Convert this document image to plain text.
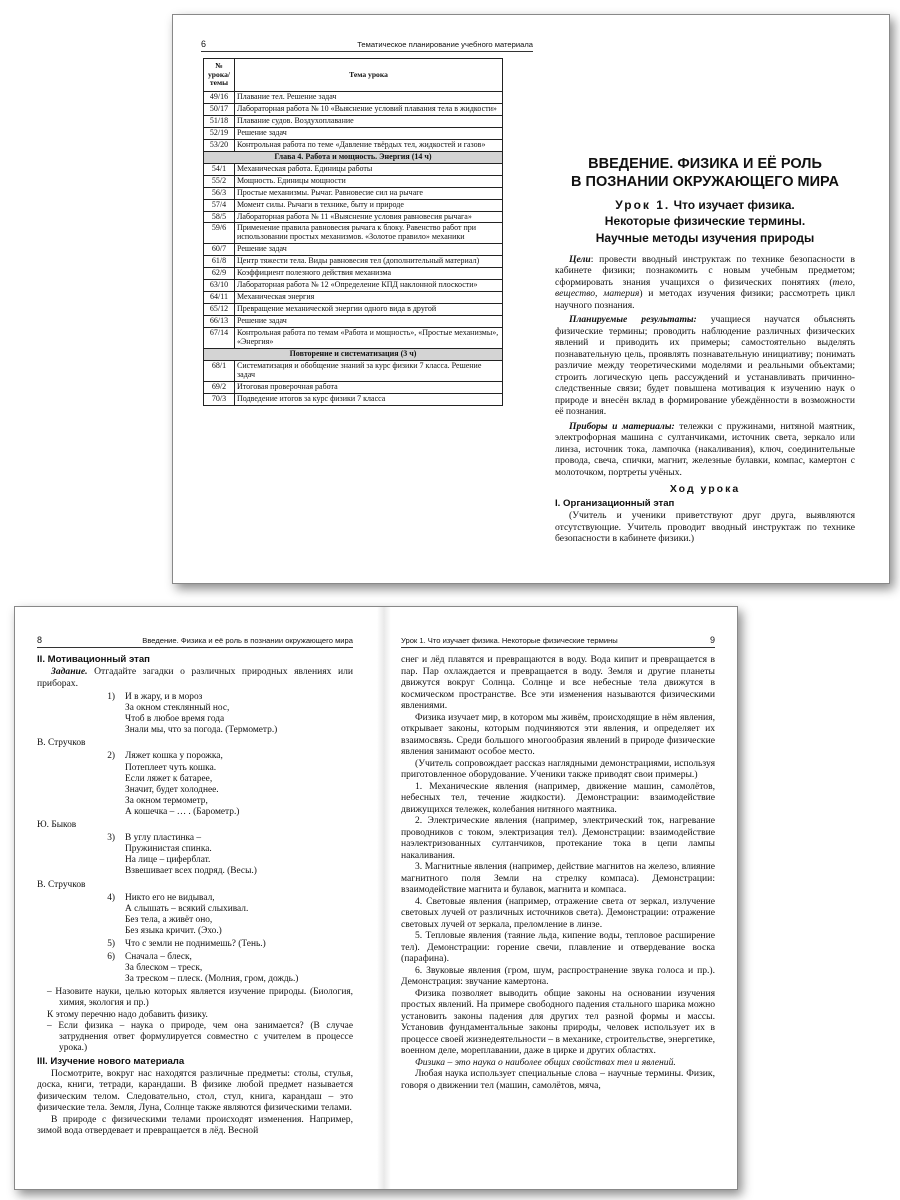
6	Тематическое планирование учебного материала
№ урока/ темы	Тема урока
49/16	Плавание тел. Решение задач
50/17	Лабораторная работа № 10 «Выяснение условий плавания тела в жидкости»
51/18	Плавание судов. Воздухоплавание
52/19	Решение задач
53/20	Контрольная работа по теме «Давление твёрдых тел, жидкостей и газов»
Глава 4. Работа и мощность. Энергия (14 ч)	
54/1	Механическая работа. Единицы работы
55/2	Мощность. Единицы мощности
56/3	Простые механизмы. Рычаг. Равновесие сил на рычаге
57/4	Момент силы. Рычаги в технике, быту и природе
58/5	Лабораторная работа № 11 «Выяснение условия равновесия рычага»
59/6	Применение правила равновесия рычага к блоку. Равенство работ при использовании простых механизмов. «Золотое правило» механики
60/7	Решение задач
61/8	Центр тяжести тела. Виды равновесия тел (дополнительный материал)
62/9	Коэффициент полезного действия механизма
63/10	Лабораторная работа № 12 «Определение КПД наклонной плоскости»
64/11	Механическая энергия
65/12	Превращение механической энергии одного вида в другой
66/13	Решение задач
67/14	Контрольная работа по темам «Работа и мощность», «Простые механизмы», «Энергия»
Повторение и систематизация (3 ч)	
68/1	Систематизация и обобщение знаний за курс физики 7 класса. Решение задач
69/2	Итоговая проверочная работа
70/3	Подведение итогов за курс физики 7 класса
ВВЕДЕНИЕ. ФИЗИКА И ЕЁ РОЛЬ
В ПОЗНАНИИ ОКРУЖАЮЩЕГО МИРА
Урок 1. Что изучает физика.
Некоторые физические термины.
Научные методы изучения природы

Цели: провести вводный инструктаж по технике безопасности в кабинете физики; познакомить с новым учебным предметом; сформировать знания учащихся о физических понятиях (тело, вещество, материя) и методах изучения физики; рассмотреть цикл научного познания.

Планируемые результаты: учащиеся научатся объяснять физические термины; проводить наблюдение различных физических явлений и приводить их примеры; самостоятельно выделять познавательную цель, проявлять познавательную инициативу; понимать различие между теоретическими моделями и реальными объектами; строить логическую цепь рассуждений и устанавливать причинно-следственные связи; будет повышена мотивация к изучению наук о природе и внесён вклад в формирование убеждённости в возможности её познания.

Приборы и материалы: тележки с пружинами, нитяной маятник, электрофорная машина с султанчиками, источник света, зеркало или линза, источник тока, лампочка (накаливания), ключ, соединительные провода, свеча, спички, магнит, железные булавки, компас, камертон с молоточком, портреты учёных.

Ход урока
I. Организационный этап

(Учитель и ученики приветствуют друг друга, выявляются отсутствующие. Учитель проводит вводный инструктаж по технике безопасности в кабинете физики.)

8	Введение. Физика и её роль в познании окружающего мира
II. Мотивационный этап

Задание. Отгадайте загадки о различных природных явлениях или приборах.

1)	И в жару, и в мороз
За окном стеклянный нос,
Чтоб в любое время года
Знали мы, что за погода. (Термометр.)
В. Стручков
2)	Ляжет кошка у порожка,
Потеплеет чуть кошка.
Если ляжет к батарее,
Значит, будет холоднее.
За окном термометр,
А кошечка – … . (Барометр.)
Ю. Быков
3)	В углу пластинка –
Пружинистая спинка.
На лице – циферблат.
Взвешивает всех подряд. (Весы.)
В. Стручков
4)	Никто его не видывал,
А слышать – всякий слыхивал.
Без тела, а живёт оно,
Без языка кричит. (Эхо.)
5)	Что с земли не поднимешь? (Тень.)
6)	Сначала – блеск,
За блеском – треск,
За треском – плеск. (Молния, гром, дождь.)

– Назовите науки, целью которых является изучение природы. (Биология, химия, экология и пр.)

К этому перечню надо добавить физику.

– Если физика – наука о природе, чем она занимается? (В случае затруднения ответ формулируется совместно с учителем в процессе урока.)

III. Изучение нового материала

Посмотрите, вокруг нас находятся различные предметы: столы, стулья, доска, книги, тетради, карандаши. В физике любой предмет называется физическим телом. Следовательно, стол, стул, книга, карандаш – это физические тела. Земля, Луна, Солнце также являются физическими телами.

В природе с физическими телами происходят изменения. Например, зимой вода отвердевает и превращается в лёд. Весной

Урок 1. Что изучает физика. Некоторые физические термины	9

снег и лёд плавятся и превращаются в воду. Вода кипит и превращается в пар. Пар охлаждается и превращается в воду. Земля и другие планеты движутся вокруг Солнца. Солнце и все небесные тела движутся в космическом пространстве. Все эти изменения называются физическими явлениями.

Физика изучает мир, в котором мы живём, происходящие в нём явления, открывает законы, которым подчиняются эти явления, и определяет их взаимосвязь. Среди большого многообразия явлений в природе физические явления занимают особое место.

(Учитель сопровождает рассказ наглядными демонстрациями, используя приготовленное оборудование. Ученики также приводят свои примеры.)

1. Механические явления (например, движение машин, самолётов, небесных тел, течение жидкости). Демонстрации: взаимодействие движущихся тележек, колебания нитяного маятника.

2. Электрические явления (например, электрический ток, нагревание проводников с током, электризация тел). Демонстрации: взаимодействие наэлектризованных султанчиков, протекание тока в цепи лампы накаливания.

3. Магнитные явления (например, действие магнитов на железо, влияние магнитного поля Земли на стрелку компаса). Демонстрации: взаимодействие магнита и булавок, магнита и компаса.

4. Световые явления (например, отражение света от зеркал, излучение световых лучей от различных источников света). Демонстрации: отражение световых лучей от зеркала, преломление в линзе.

5. Тепловые явления (таяние льда, кипение воды, тепловое расширение тел). Демонстрации: горение свечи, плавление и отвердевание воска (парафина).

6. Звуковые явления (гром, шум, распространение звука голоса и пр.). Демонстрация: звучание камертона.

Физика позволяет выводить общие законы на основании изучения простых явлений. На примере свободного падения стального шарика можно установить законы падения для других тел разной формы и массы. Установив фундаментальные законы природы, человек использует их в процессе своей жизнедеятельности – в механике, строительстве, энергетике, военном деле, мореплавании, даже в цирке и других областях.

Физика – это наука о наиболее общих свойствах тел и явлений.

Любая наука использует специальные слова – научные термины. Физик, говоря о движении тел (машин, самолётов, мяча,
